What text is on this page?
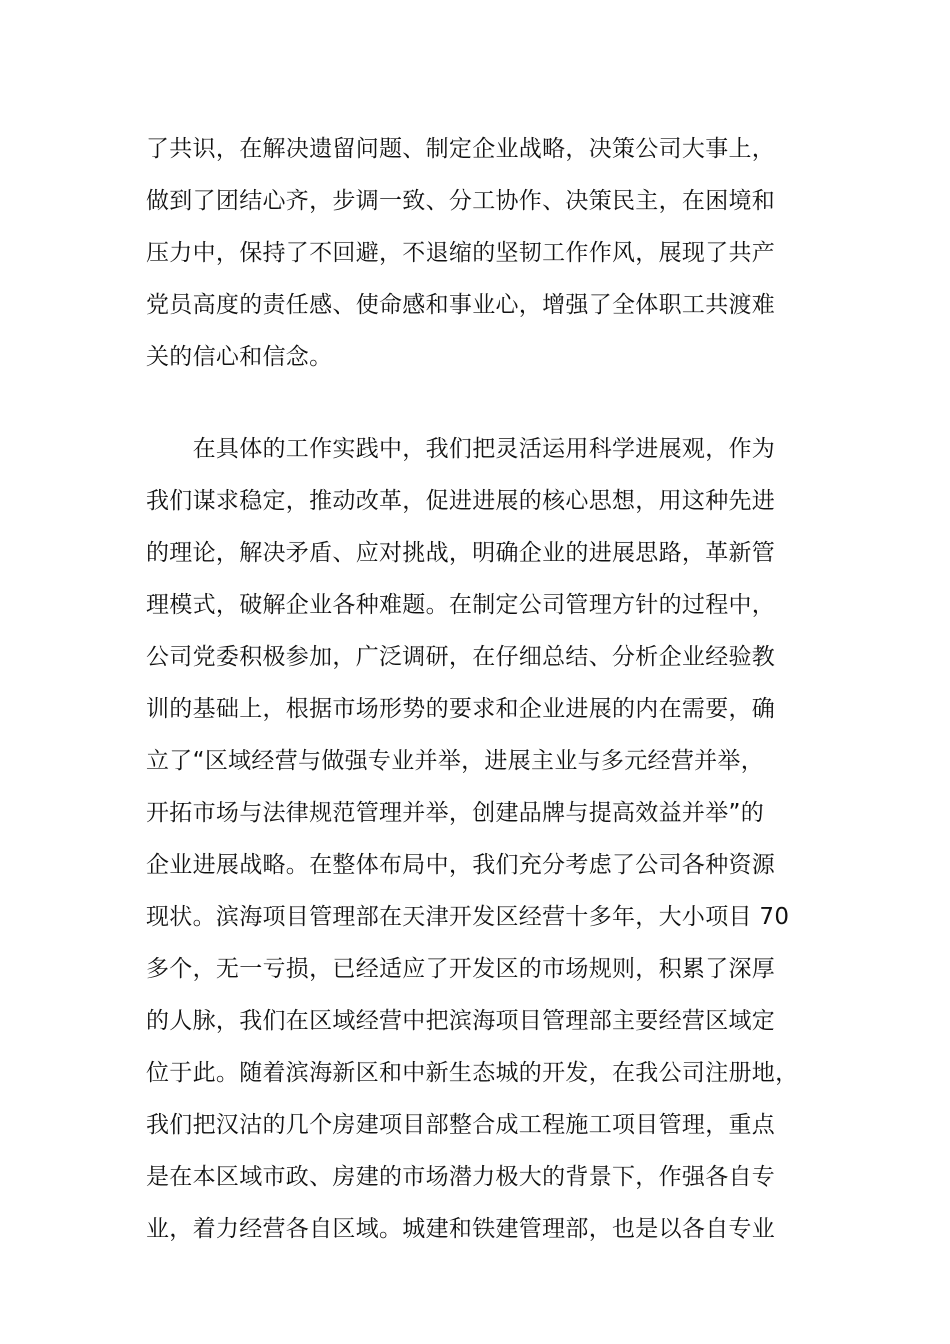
了共识，在解决遗留问题、制定企业战略，决策公司大事上，
做到了团结心齐，步调一致、分工协作、决策民主，在困境和
压力中，保持了不回避，不退缩的坚韧工作作风，展现了共产
党员高度的责任感、使命感和事业心，增强了全体职工共渡难
关的信心和信念。
　　在具体的工作实践中，我们把灵活运用科学进展观，作为
我们谋求稳定，推动改革，促进进展的核心思想，用这种先进
的理论，解决矛盾、应对挑战，明确企业的进展思路，革新管
理模式，破解企业各种难题。在制定公司管理方针的过程中，
公司党委积极参加，广泛调研，在仔细总结、分析企业经验教
训的基础上，根据市场形势的要求和企业进展的内在需要，确
立了“区域经营与做强专业并举，进展主业与多元经营并举，
开拓市场与法律规范管理并举，创建品牌与提高效益并举”的
企业进展战略。在整体布局中，我们充分考虑了公司各种资源
现状。滨海项目管理部在天津开发区经营十多年，大小项目 70
多个，无一亏损，已经适应了开发区的市场规则，积累了深厚
的人脉，我们在区域经营中把滨海项目管理部主要经营区域定
位于此。随着滨海新区和中新生态城的开发，在我公司注册地，
我们把汉沽的几个房建项目部整合成工程施工项目管理，重点
是在本区域市政、房建的市场潜力极大的背景下，作强各自专
业，着力经营各自区域。城建和铁建管理部，也是以各自专业
